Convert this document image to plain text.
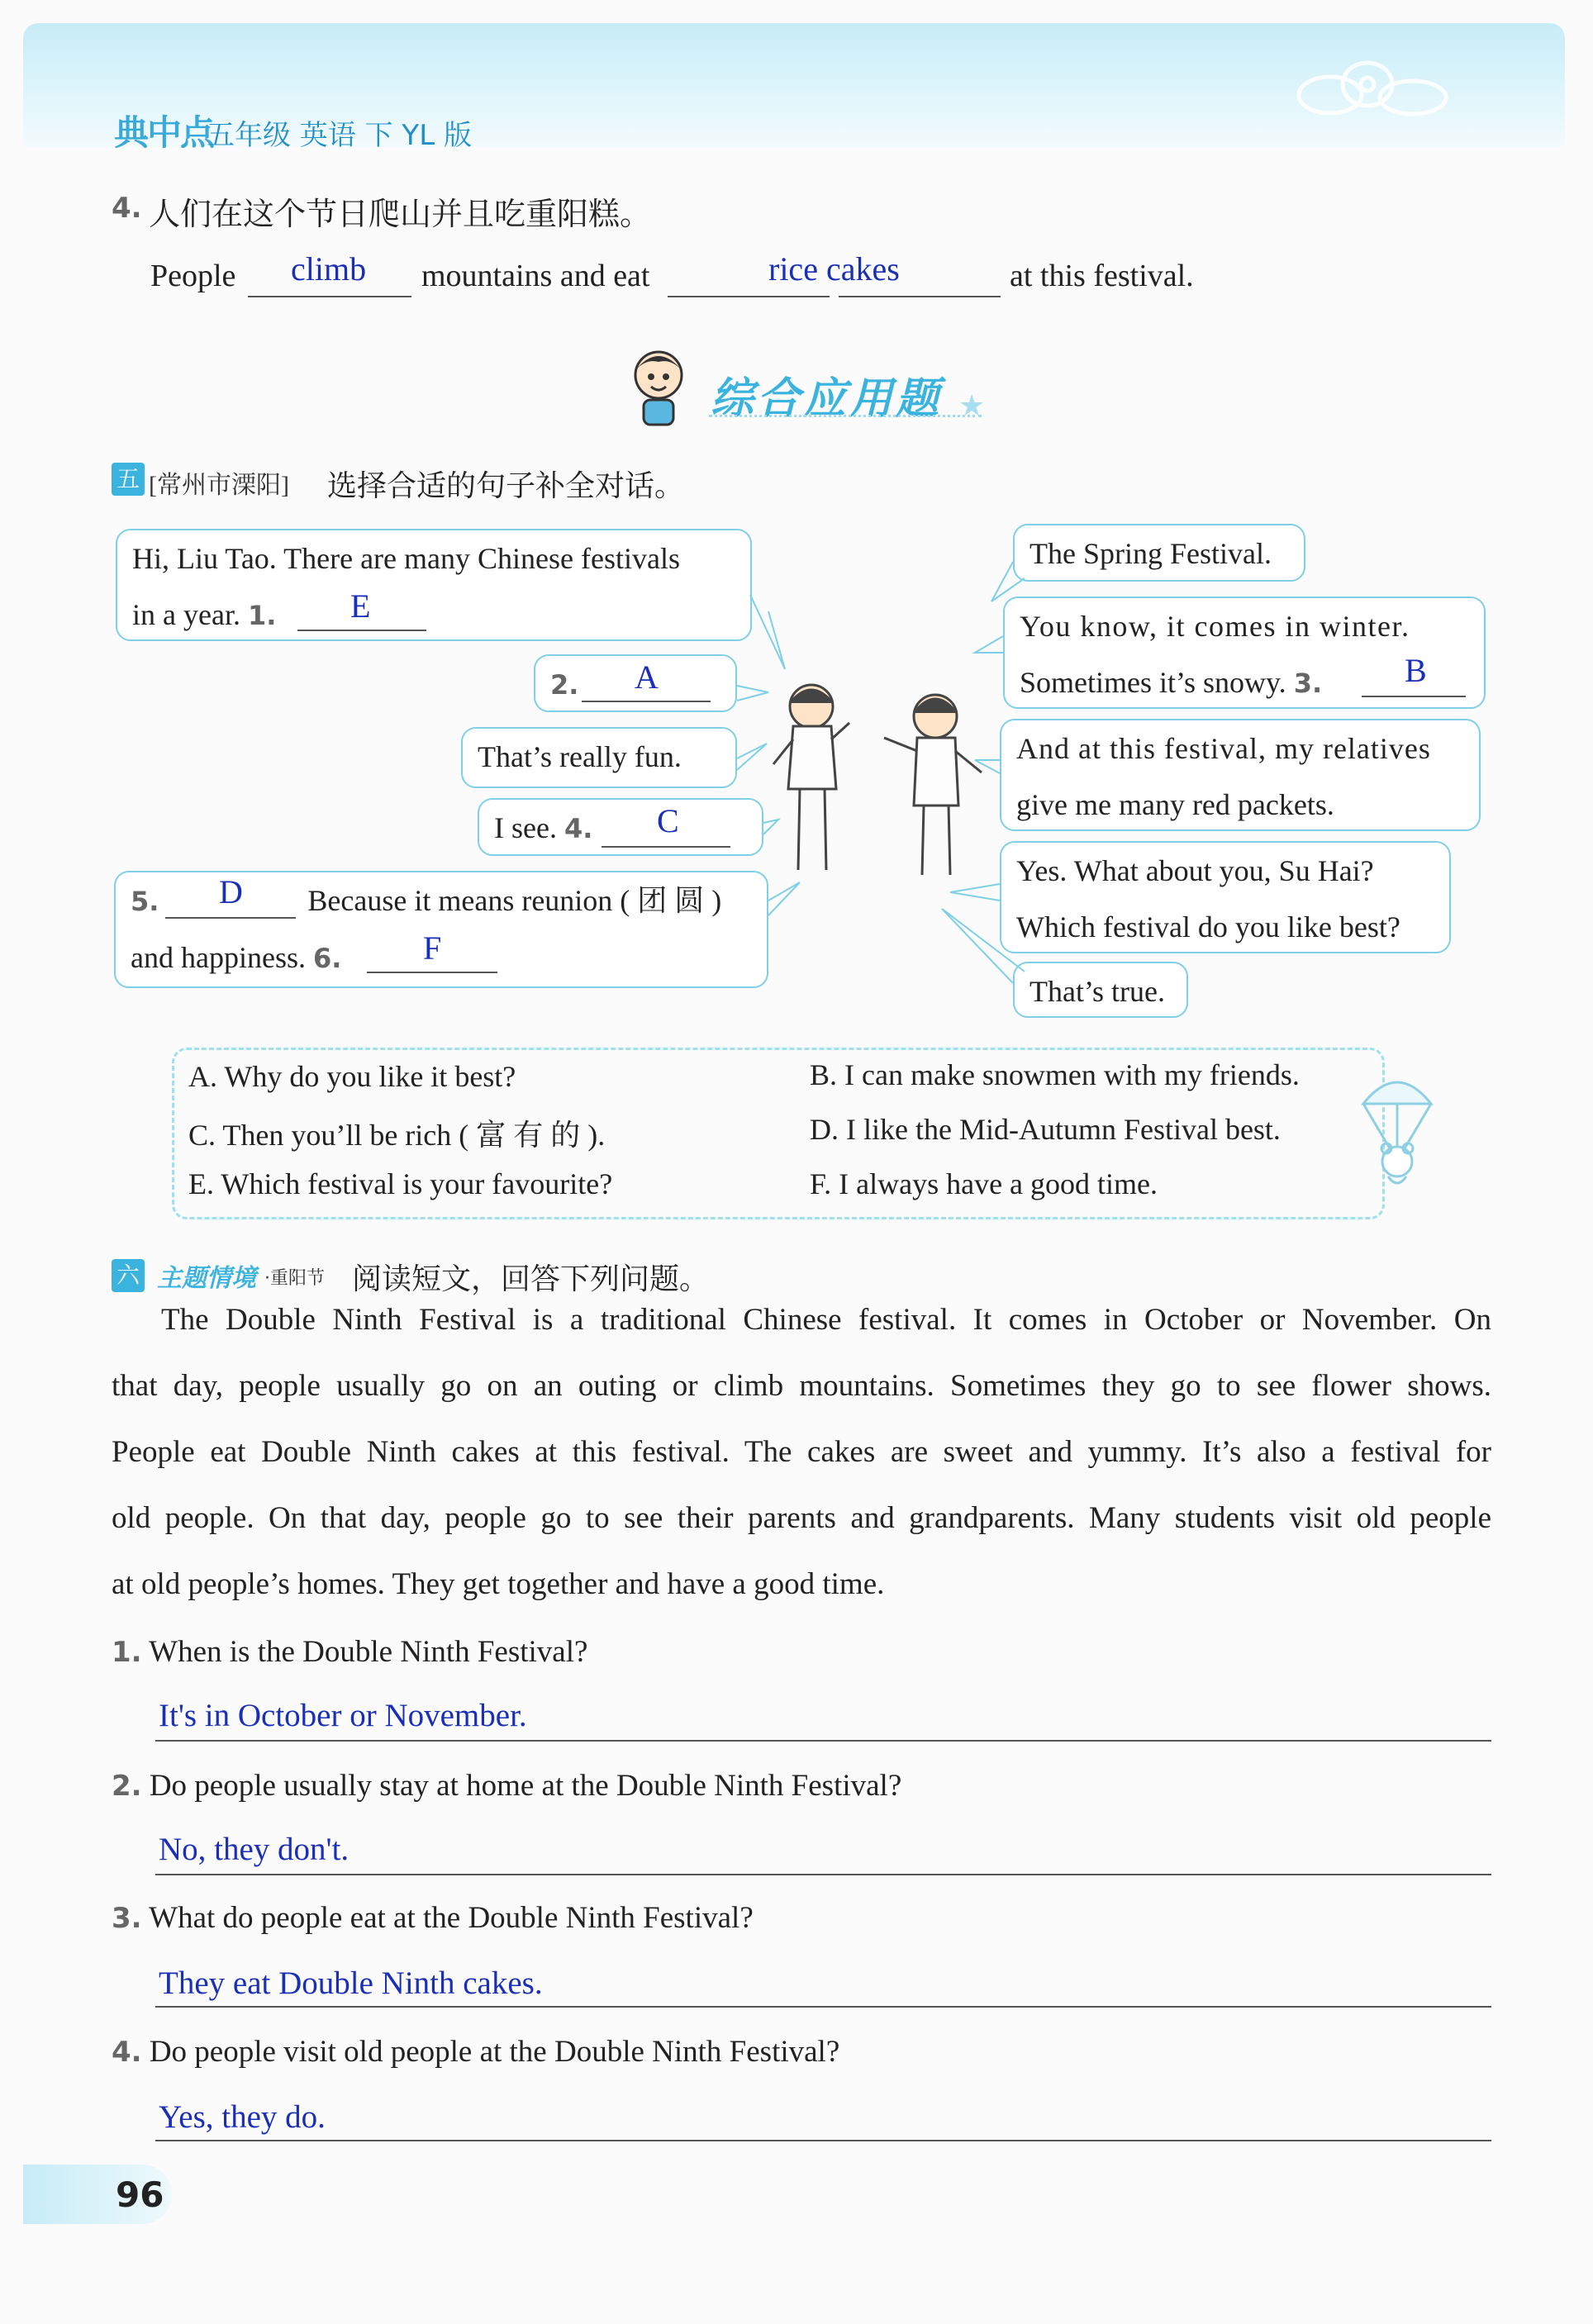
典中点
五年级 英语 下 YL 版
4. 人们在这个节日爬山并且吃重阳糕。
People climb mountains and eat	rice cakes	at this festival.
综合应用题 ★
五 [常州市溧阳] 选择合适的句子补全对话。
Hi, Liu Tao. There are many Chinese festivals
in a year. 1.	E
2.	A
That’s really fun.
I see. 4.	C
5.	Because it means reunion ( 团 圆 )
and happiness. 6.
D
F
The Spring Festival.
You know, it comes in winter.
Sometimes it’s snowy. 3.	B
And at this festival, my relatives
give me many red packets.
Yes. What about you, Su Hai?
Which festival do you like best?
That’s true.
A. Why do you like it best?	B. I can make snowmen with my friends.
C. Then you’ll be rich ( 富 有 的 ).	D. I like the Mid-Autumn Festival best.
E. Which festival is your favourite?	F. I always have a good time.
六 主题情境 ·重阳节 阅读短文，回答下列问题。
The Double Ninth Festival is a traditional Chinese festival. It comes in October or November. On
that day, people usually go on an outing or climb mountains. Sometimes they go to see flower shows.
People eat Double Ninth cakes at this festival. The cakes are sweet and yummy. It’s also a festival for
old people. On that day, people go to see their parents and grandparents. Many students visit old people
at old people’s homes. They get together and have a good time.
1. When is the Double Ninth Festival?
It's in October or November.
2. Do people usually stay at home at the Double Ninth Festival?
No, they don't.
3. What do people eat at the Double Ninth Festival?
They eat Double Ninth cakes.
4. Do people visit old people at the Double Ninth Festival?
Yes, they do.
96
